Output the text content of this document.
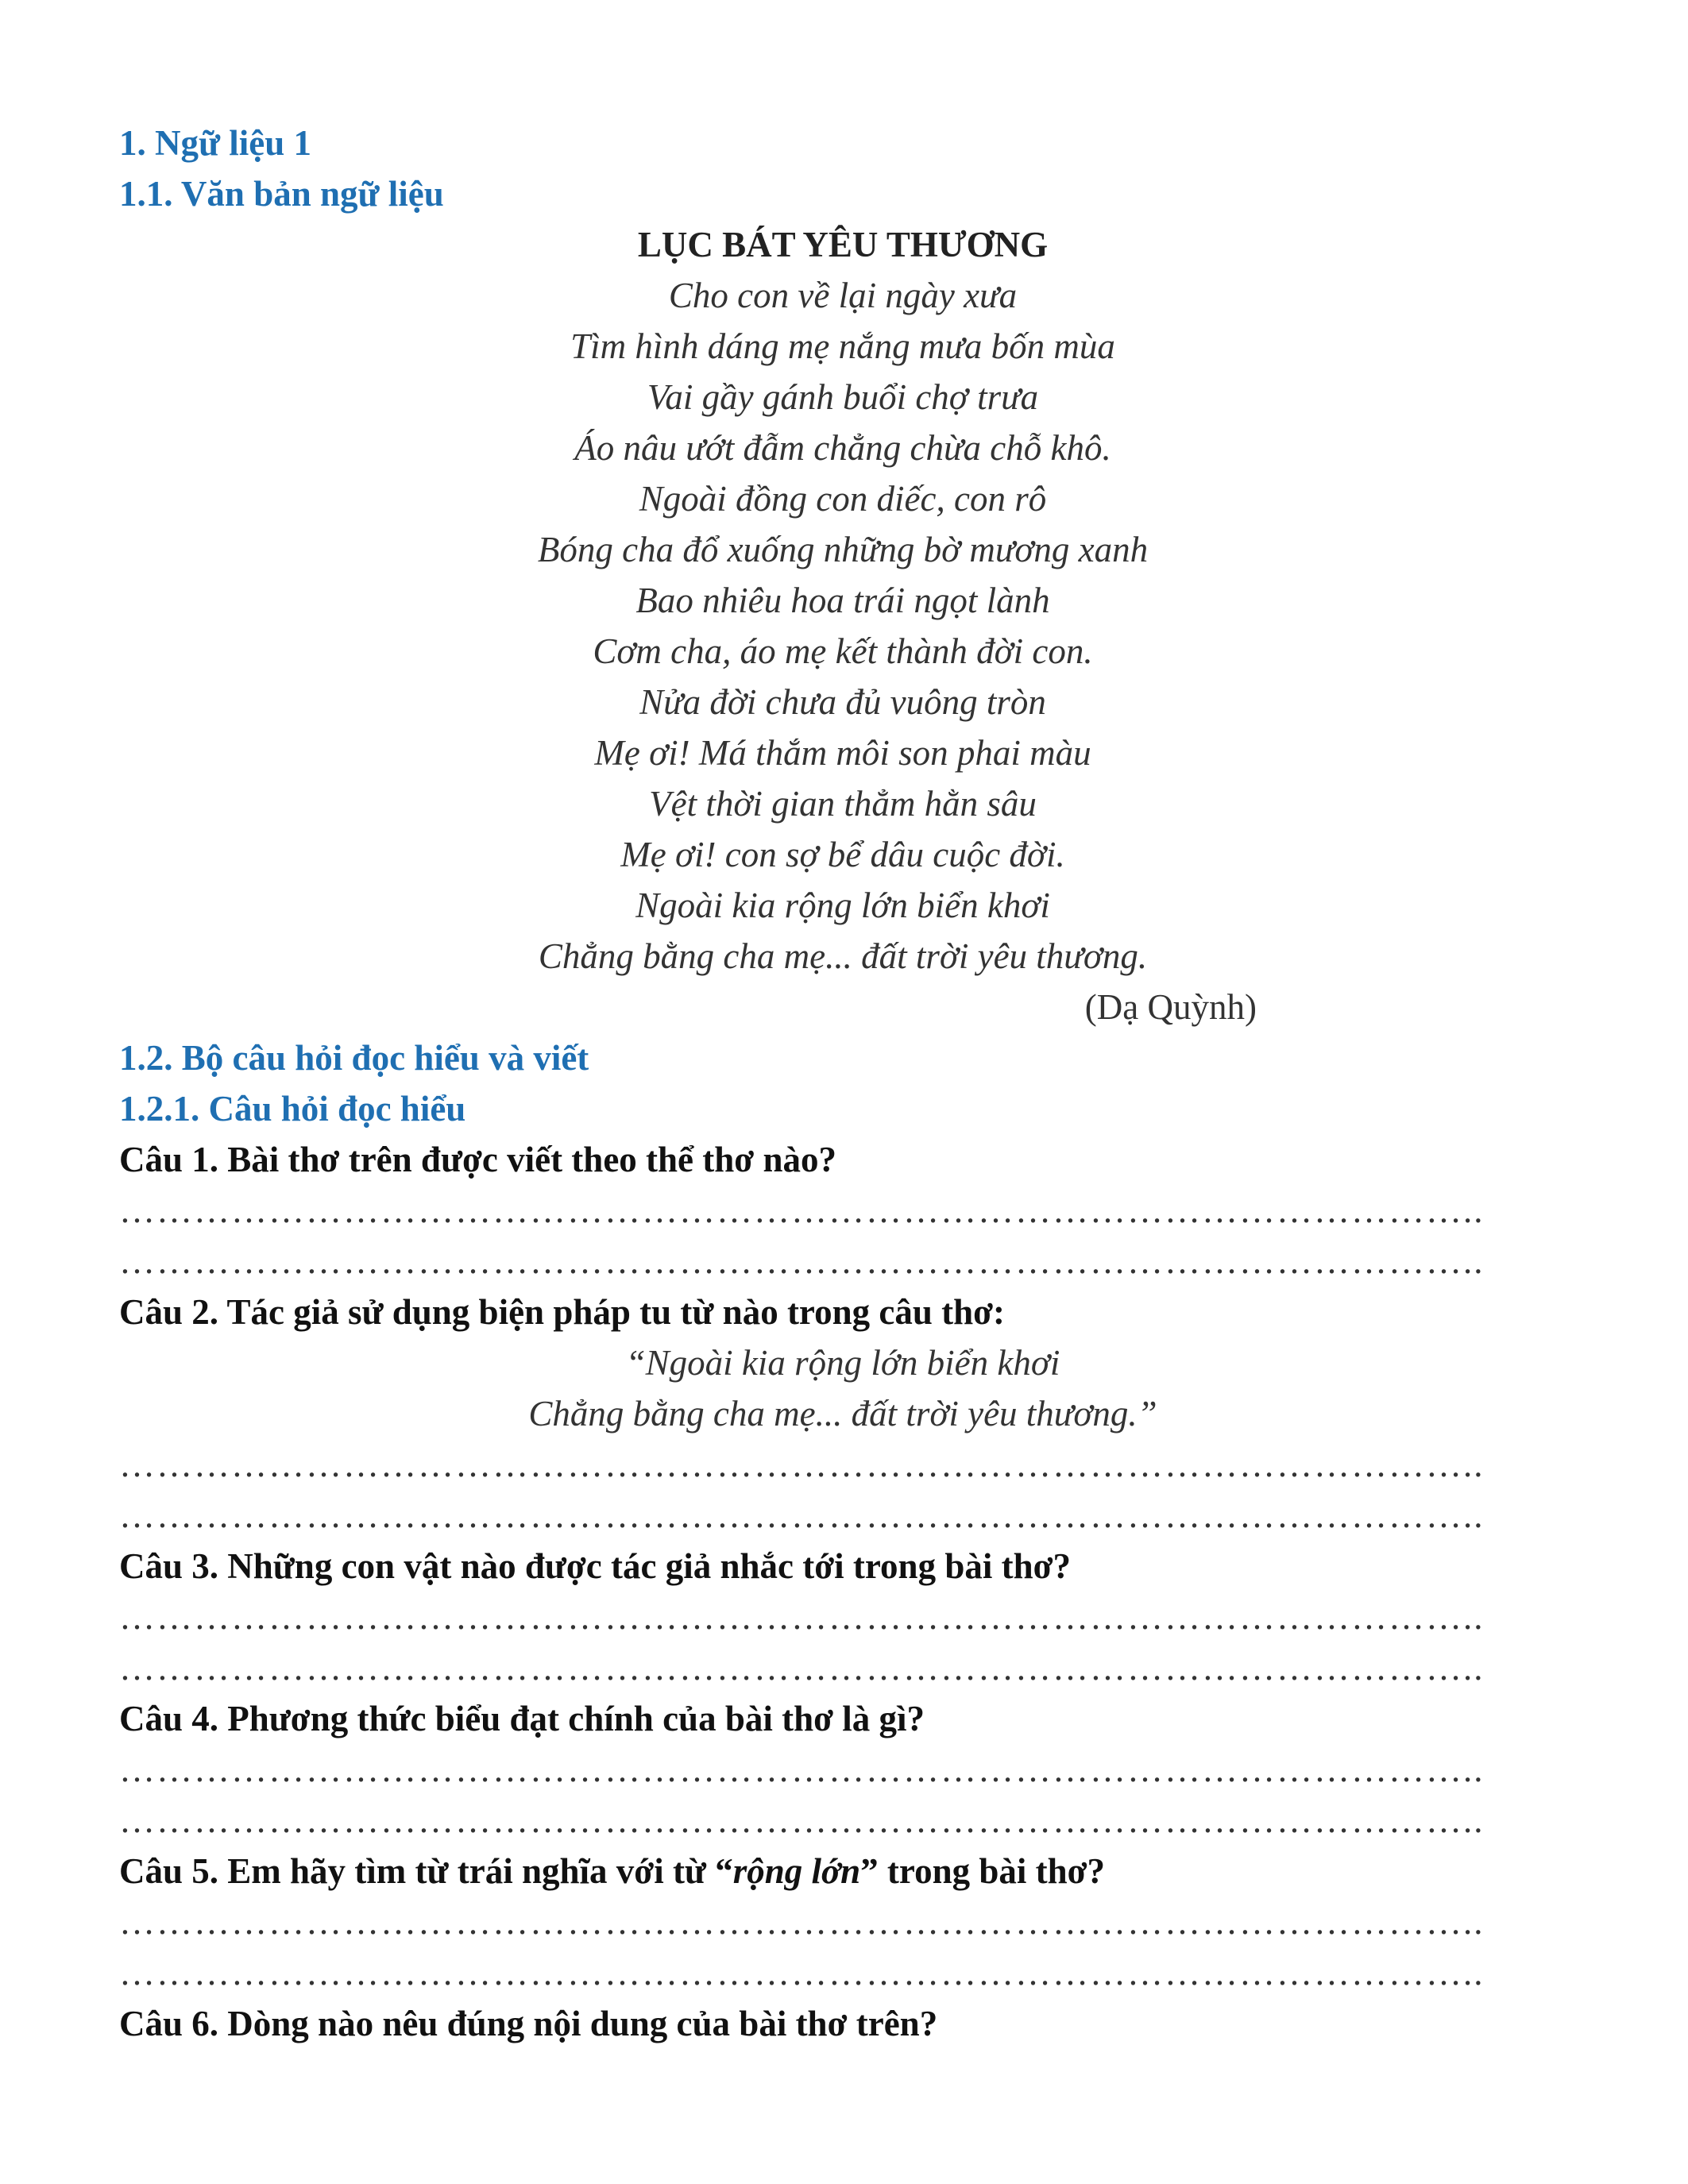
1. Ngữ liệu 1

1.1. Văn bản ngữ liệu

LỤC BÁT YÊU THƯƠNG

Cho con về lại ngày xưa

Tìm hình dáng mẹ nắng mưa bốn mùa

Vai gầy gánh buổi chợ trưa

Áo nâu ướt đẫm chẳng chừa chỗ khô.

Ngoài đồng con diếc, con rô

Bóng cha đổ xuống những bờ mương xanh

Bao nhiêu hoa trái ngọt lành

Cơm cha, áo mẹ kết thành đời con.

Nửa đời chưa đủ vuông tròn

Mẹ ơi! Má thắm môi son phai màu

Vệt thời gian thẳm hằn sâu

Mẹ ơi! con sợ bể dâu cuộc đời.

Ngoài kia rộng lớn biển khơi

Chẳng bằng cha mẹ... đất trời yêu thương.

(Dạ Quỳnh)

1.2. Bộ câu hỏi đọc hiểu và viết

1.2.1. Câu hỏi đọc hiểu

Câu 1. Bài thơ trên được viết theo thể thơ nào?

………………………………………………………………………………………………..

………………………………………………………………………………………………..

Câu 2. Tác giả sử dụng biện pháp tu từ nào trong câu thơ:

“Ngoài kia rộng lớn biển khơi

Chẳng bằng cha mẹ... đất trời yêu thương.”

………………………………………………………………………………………………..

………………………………………………………………………………………………..

Câu 3. Những con vật nào được tác giả nhắc tới trong bài thơ?

………………………………………………………………………………………………..

………………………………………………………………………………………………..

Câu 4. Phương thức biểu đạt chính của bài thơ là gì?

………………………………………………………………………………………………..

………………………………………………………………………………………………..

Câu 5. Em hãy tìm từ trái nghĩa với từ “rộng lớn” trong bài thơ?

………………………………………………………………………………………………..

………………………………………………………………………………………………..

Câu 6. Dòng nào nêu đúng nội dung của bài thơ trên?
